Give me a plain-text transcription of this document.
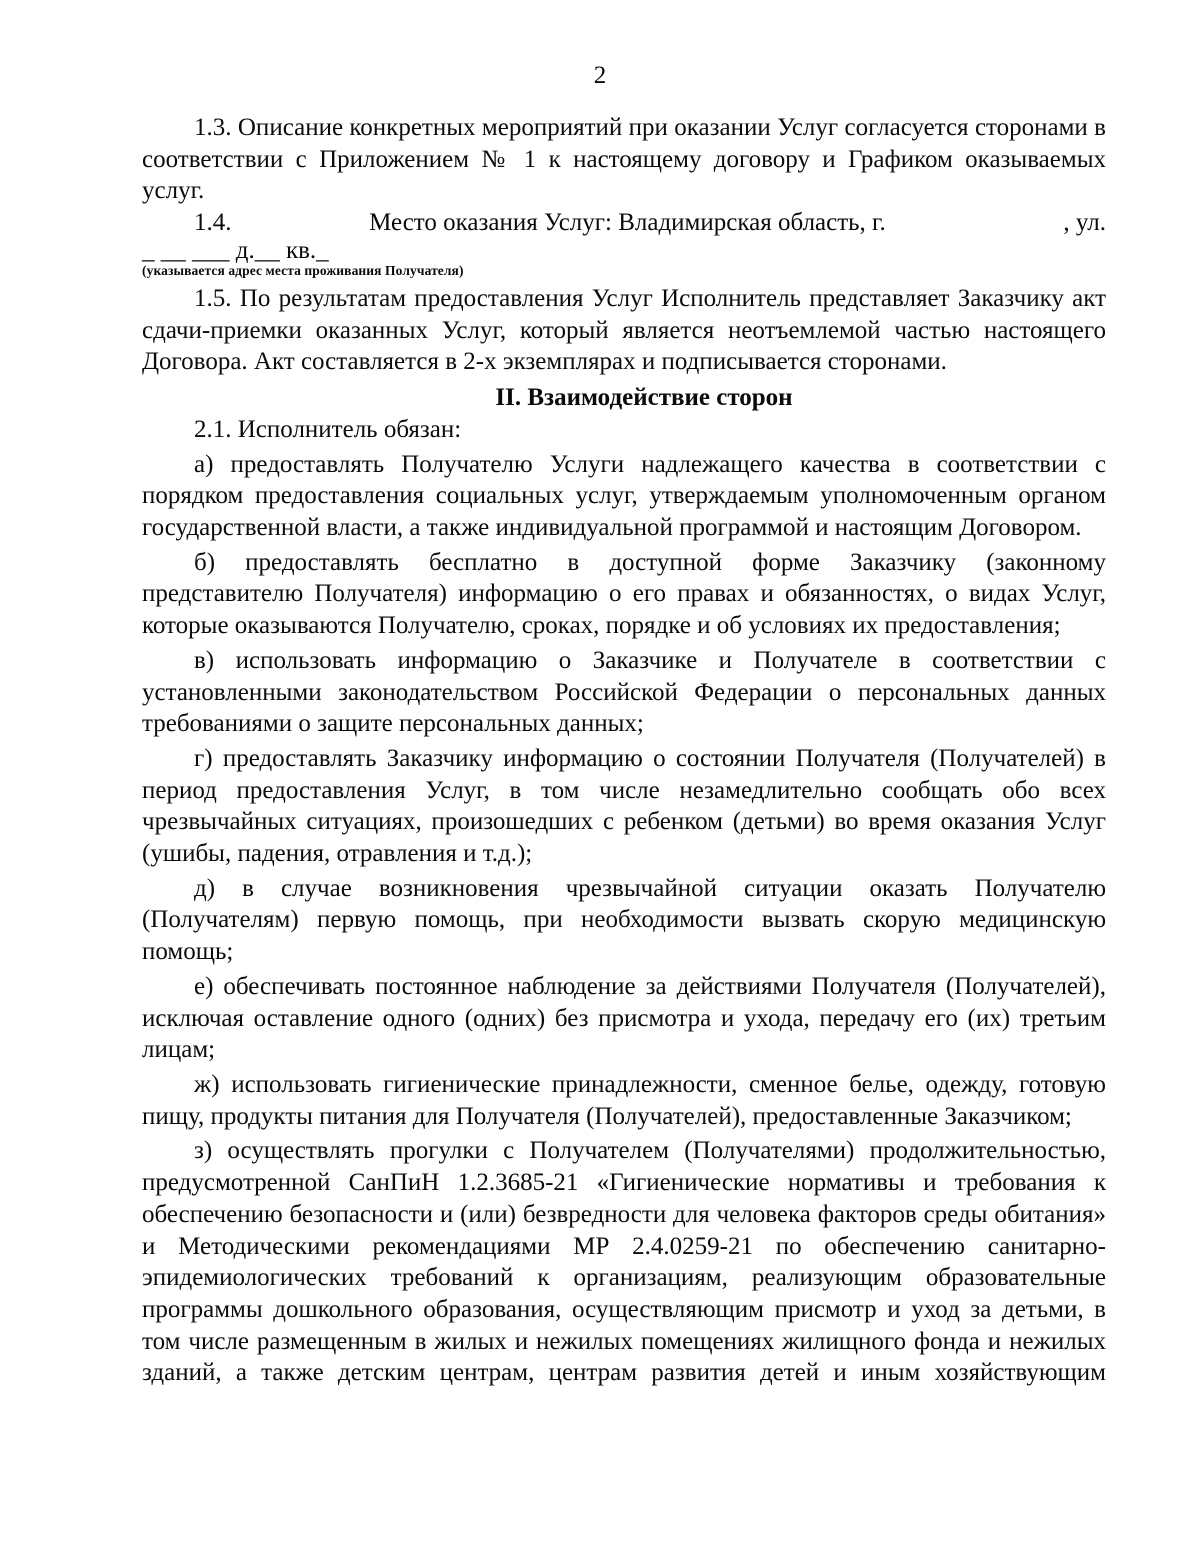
2

1.3. Описание конкретных мероприятий при оказании Услуг согласуется сторонами в соответствии с Приложением № 1 к настоящему договору и Графиком оказываемых услуг.

1.4.	Место оказания Услуг: Владимирская область, г.	, ул.

_ __ ___ д.__ кв._

(указывается адрес места проживания Получателя)

1.5. По результатам предоставления Услуг Исполнитель представляет Заказчику акт сдачи-приемки оказанных Услуг, который является неотъемлемой частью настоящего Договора. Акт составляется в 2-х экземплярах и подписывается сторонами.

II. Взаимодействие сторон

2.1. Исполнитель обязан:

а) предоставлять Получателю Услуги надлежащего качества в соответствии с порядком предоставления социальных услуг, утверждаемым уполномоченным органом государственной власти, а также индивидуальной программой и настоящим Договором.

б) предоставлять бесплатно в доступной форме Заказчику (законному представителю Получателя) информацию о его правах и обязанностях, о видах Услуг, которые оказываются Получателю, сроках, порядке и об условиях их предоставления;

в) использовать информацию о Заказчике и Получателе в соответствии с установленными законодательством Российской Федерации о персональных данных требованиями о защите персональных данных;

г) предоставлять Заказчику информацию о состоянии Получателя (Получателей) в период предоставления Услуг, в том числе незамедлительно сообщать обо всех чрезвычайных ситуациях, произошедших с ребенком (детьми) во время оказания Услуг (ушибы, падения, отравления и т.д.);

д) в случае возникновения чрезвычайной ситуации оказать Получателю (Получателям) первую помощь, при необходимости вызвать скорую медицинскую помощь;

е) обеспечивать постоянное наблюдение за действиями Получателя (Получателей), исключая оставление одного (одних) без присмотра и ухода, передачу его (их) третьим лицам;

ж) использовать гигиенические принадлежности, сменное белье, одежду, готовую пищу, продукты питания для Получателя (Получателей), предоставленные Заказчиком;

з) осуществлять прогулки с Получателем (Получателями) продолжительностью, предусмотренной СанПиН 1.2.3685-21 «Гигиенические нормативы и требования к обеспечению безопасности и (или) безвредности для человека факторов среды обитания» и Методическими рекомендациями МР 2.4.0259-21 по обеспечению санитарно-эпидемиологических требований к организациям, реализующим образовательные программы дошкольного образования, осуществляющим присмотр и уход за детьми, в том числе размещенным в жилых и нежилых помещениях жилищного фонда и нежилых зданий, а также детским центрам, центрам развития детей и иным хозяйствующим
